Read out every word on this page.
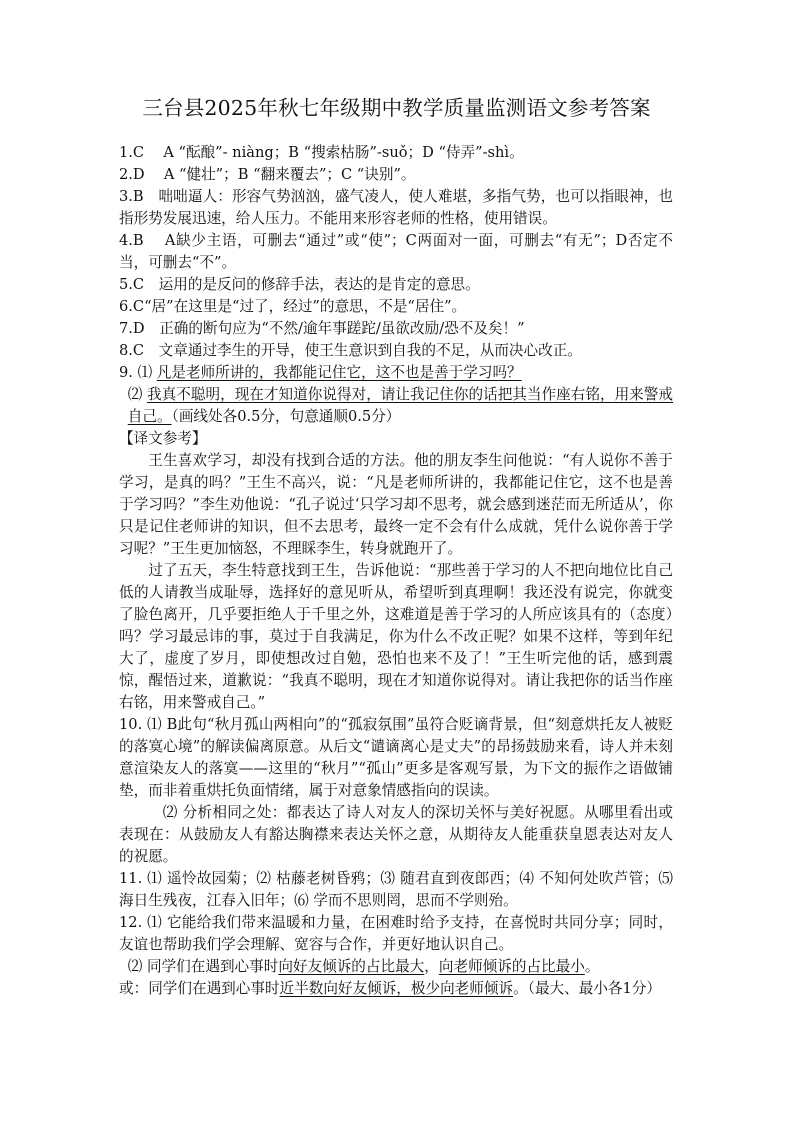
三台县2025年秋七年级期中教学质量监测语文参考答案

1.C　 A “酝酿”- niàng；B “搜索枯肠”-suǒ；D “侍弄”-shì。

2.D　 A “健壮”；B “翻来覆去”；C “诀别”。

3.B　咄咄逼人：形容气势汹汹，盛气凌人，使人难堪，多指气势，也可以指眼神，也指形势发展迅速，给人压力。不能用来形容老师的性格，使用错误。

4.B　 A缺少主语，可删去“通过”或“使”；C两面对一面，可删去“有无”；D否定不当，可删去“不”。

5.C　运用的是反问的修辞手法，表达的是肯定的意思。

6.C“居”在这里是“过了，经过”的意思，不是“居住”。

7.D　正确的断句应为“不然/逾年事蹉跎/虽欲改励/恐不及矣！”

8.C　文章通过李生的开导，使王生意识到自我的不足，从而决心改正。

9. ⑴ 凡是老师所讲的，我都能记住它，这不也是善于学习吗？

⑵ 我真不聪明，现在才知道你说得对，请让我记住你的话把其当作座右铭，用来警戒自己。（画线处各0.5分，句意通顺0.5分）

【译文参考】

王生喜欢学习，却没有找到合适的方法。他的朋友李生问他说：“有人说你不善于学习，是真的吗？”王生不高兴，说：“凡是老师所讲的，我都能记住它，这不也是善于学习吗？”李生劝他说：“孔子说过‘只学习却不思考，就会感到迷茫而无所适从’，你只是记住老师讲的知识，但不去思考，最终一定不会有什么成就，凭什么说你善于学习呢？”王生更加恼怒，不理睬李生，转身就跑开了。

过了五天，李生特意找到王生，告诉他说：“那些善于学习的人不把向地位比自己低的人请教当成耻辱，选择好的意见听从，希望听到真理啊！我还没有说完，你就变了脸色离开，几乎要拒绝人于千里之外，这难道是善于学习的人所应该具有的（态度）吗？学习最忌讳的事，莫过于自我满足，你为什么不改正呢？如果不这样，等到年纪大了，虚度了岁月，即使想改过自勉，恐怕也来不及了！”王生听完他的话，感到震惊，醒悟过来，道歉说：“我真不聪明，现在才知道你说得对。请让我把你的话当作座右铭，用来警戒自己。”

10. ⑴ B此句“秋月孤山两相向”的“孤寂氛围”虽符合贬谪背景，但“刻意烘托友人被贬的落寞心境”的解读偏离原意。从后文“谴谪离心是丈夫”的昂扬鼓励来看，诗人并未刻意渲染友人的落寞——这里的“秋月”“孤山”更多是客观写景，为下文的振作之语做铺垫，而非着重烘托负面情绪，属于对意象情感指向的误读。

⑵ 分析相同之处：都表达了诗人对友人的深切关怀与美好祝愿。从哪里看出或表现在：从鼓励友人有豁达胸襟来表达关怀之意，从期待友人能重获皇恩表达对友人的祝愿。

11. ⑴ 遥怜故园菊；⑵ 枯藤老树昏鸦；⑶ 随君直到夜郎西；⑷ 不知何处吹芦管；⑸ 海日生残夜，江春入旧年；⑹ 学而不思则罔，思而不学则殆。

12. ⑴ 它能给我们带来温暖和力量，在困难时给予支持，在喜悦时共同分享；同时，友谊也帮助我们学会理解、宽容与合作，并更好地认识自己。

⑵ 同学们在遇到心事时向好友倾诉的占比最大，向老师倾诉的占比最小。

或：同学们在遇到心事时近半数向好友倾诉，极少向老师倾诉。（最大、最小各1分）
